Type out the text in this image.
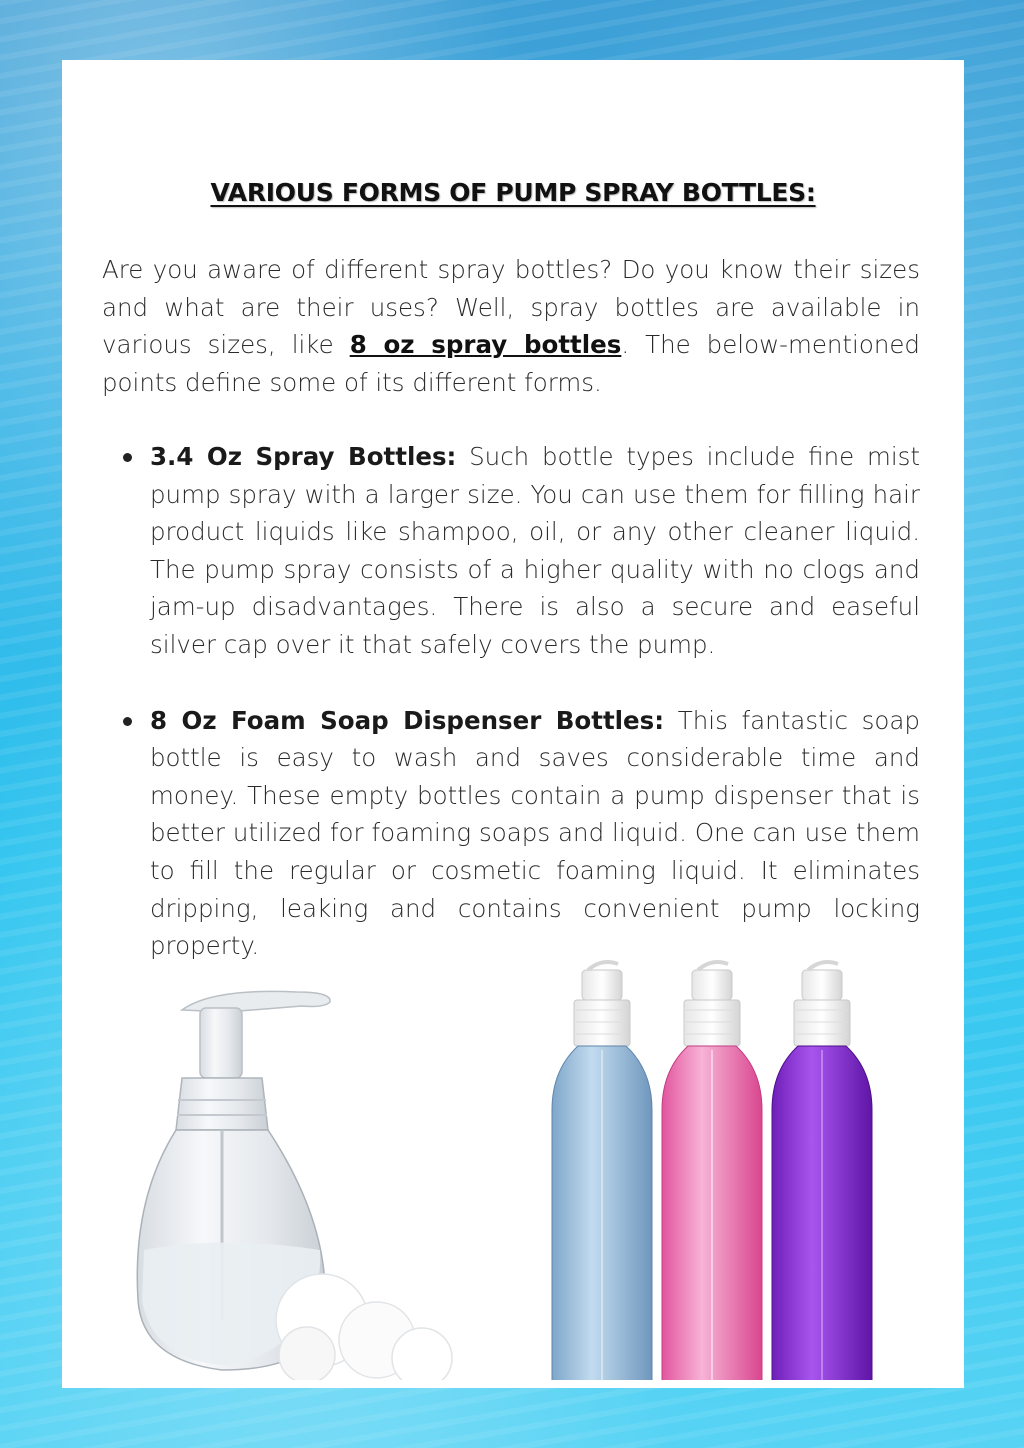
VARIOUS FORMS OF PUMP SPRAY BOTTLES:

Are you aware of different spray bottles? Do you know their sizes and what are their uses? Well, spray bottles are available in various sizes, like 8 oz spray bottles. The below-mentioned points define some of its different forms.

3.4 Oz Spray Bottles: Such bottle types include fine mist pump spray with a larger size. You can use them for filling hair product liquids like shampoo, oil, or any other cleaner liquid. The pump spray consists of a higher quality with no clogs and jam-up disadvantages. There is also a secure and easeful silver cap over it that safely covers the pump.
8 Oz Foam Soap Dispenser Bottles: This fantastic soap bottle is easy to wash and saves considerable time and money. These empty bottles contain a pump dispenser that is better utilized for foaming soaps and liquid. One can use them to fill the regular or cosmetic foaming liquid. It eliminates dripping, leaking and contains convenient pump locking property.
